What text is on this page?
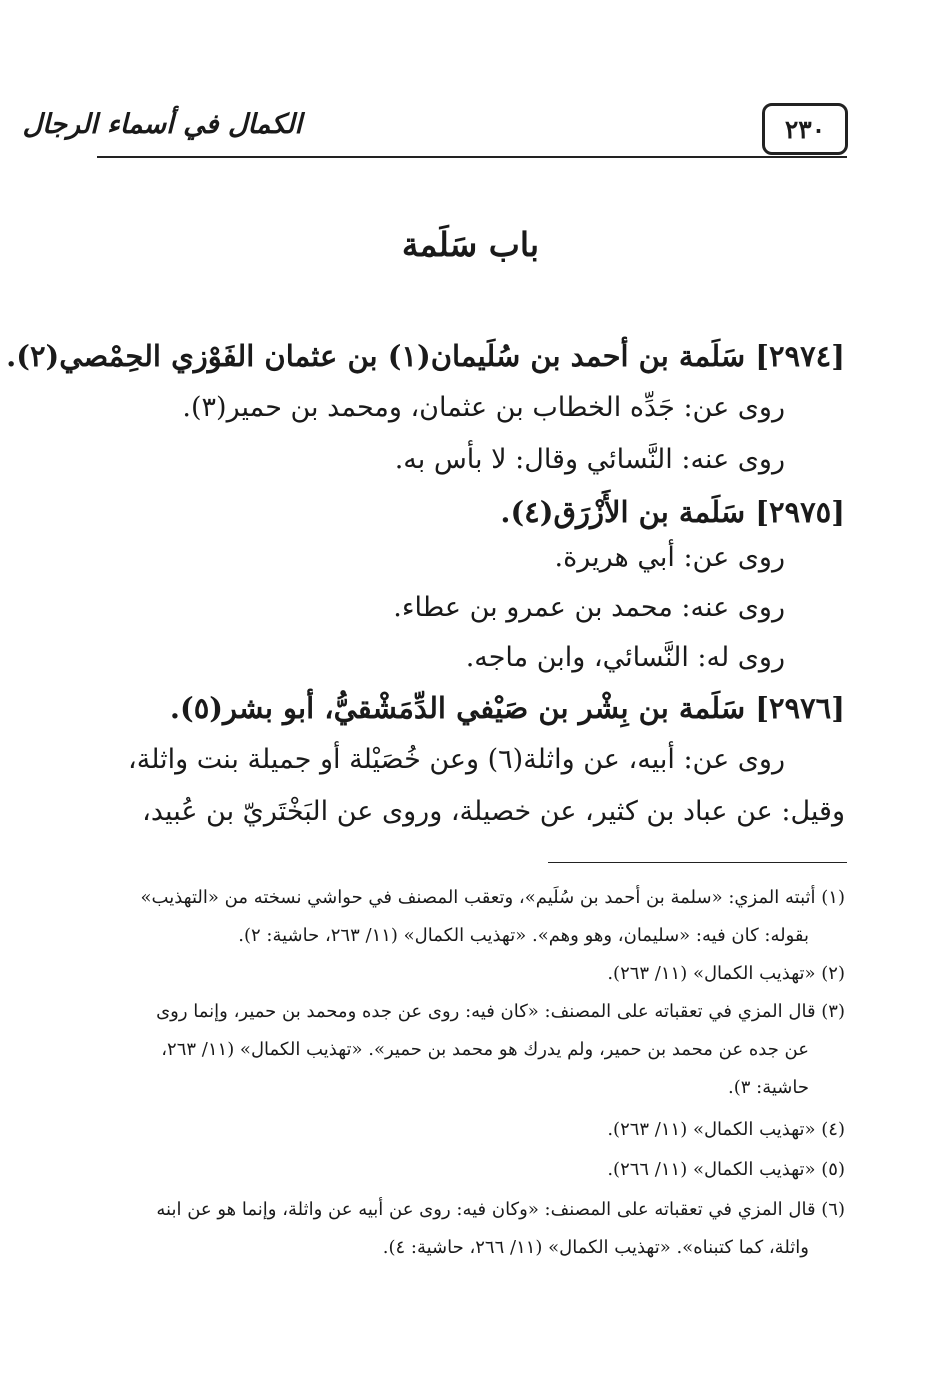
٢٣٠
الكمال في أسماء الرجال
باب سَلَمة
[٢٩٧٤] سَلَمة بن أحمد بن سُلَيمان(١) بن عثمان الفَوْزي الحِمْصي(٢).
روى عن: جَدِّه الخطاب بن عثمان، ومحمد بن حمير(٣).
روى عنه: النَّسائي وقال: لا بأس به.
[٢٩٧٥] سَلَمة بن الأَزْرَق(٤).
روى عن: أبي هريرة.
روى عنه: محمد بن عمرو بن عطاء.
روى له: النَّسائي، وابن ماجه.
[٢٩٧٦] سَلَمة بن بِشْر بن صَيْفي الدِّمَشْقيُّ، أبو بشر(٥).
روى عن: أبيه، عن واثلة(٦) وعن خُصَيْلة أو جميلة بنت واثلة،
وقيل: عن عباد بن كثير، عن خصيلة، وروى عن البَخْتَريّ بن عُبيد،
(١) أثبته المزي: «سلمة بن أحمد بن سُلَيم»، وتعقب المصنف في حواشي نسخته من «التهذيب»
بقوله: كان فيه: «سليمان، وهو وهم». «تهذيب الكمال» (١١/ ٢٦٣، حاشية: ٢).
(٢) «تهذيب الكمال» (١١/ ٢٦٣).
(٣) قال المزي في تعقباته على المصنف: «كان فيه: روى عن جده ومحمد بن حمير، وإنما روى
عن جده عن محمد بن حمير، ولم يدرك هو محمد بن حمير». «تهذيب الكمال» (١١/ ٢٦٣،
حاشية: ٣).
(٤) «تهذيب الكمال» (١١/ ٢٦٣).
(٥) «تهذيب الكمال» (١١/ ٢٦٦).
(٦) قال المزي في تعقباته على المصنف: «وكان فيه: روى عن أبيه عن واثلة، وإنما هو عن ابنه
واثلة، كما كتبناه». «تهذيب الكمال» (١١/ ٢٦٦، حاشية: ٤).
